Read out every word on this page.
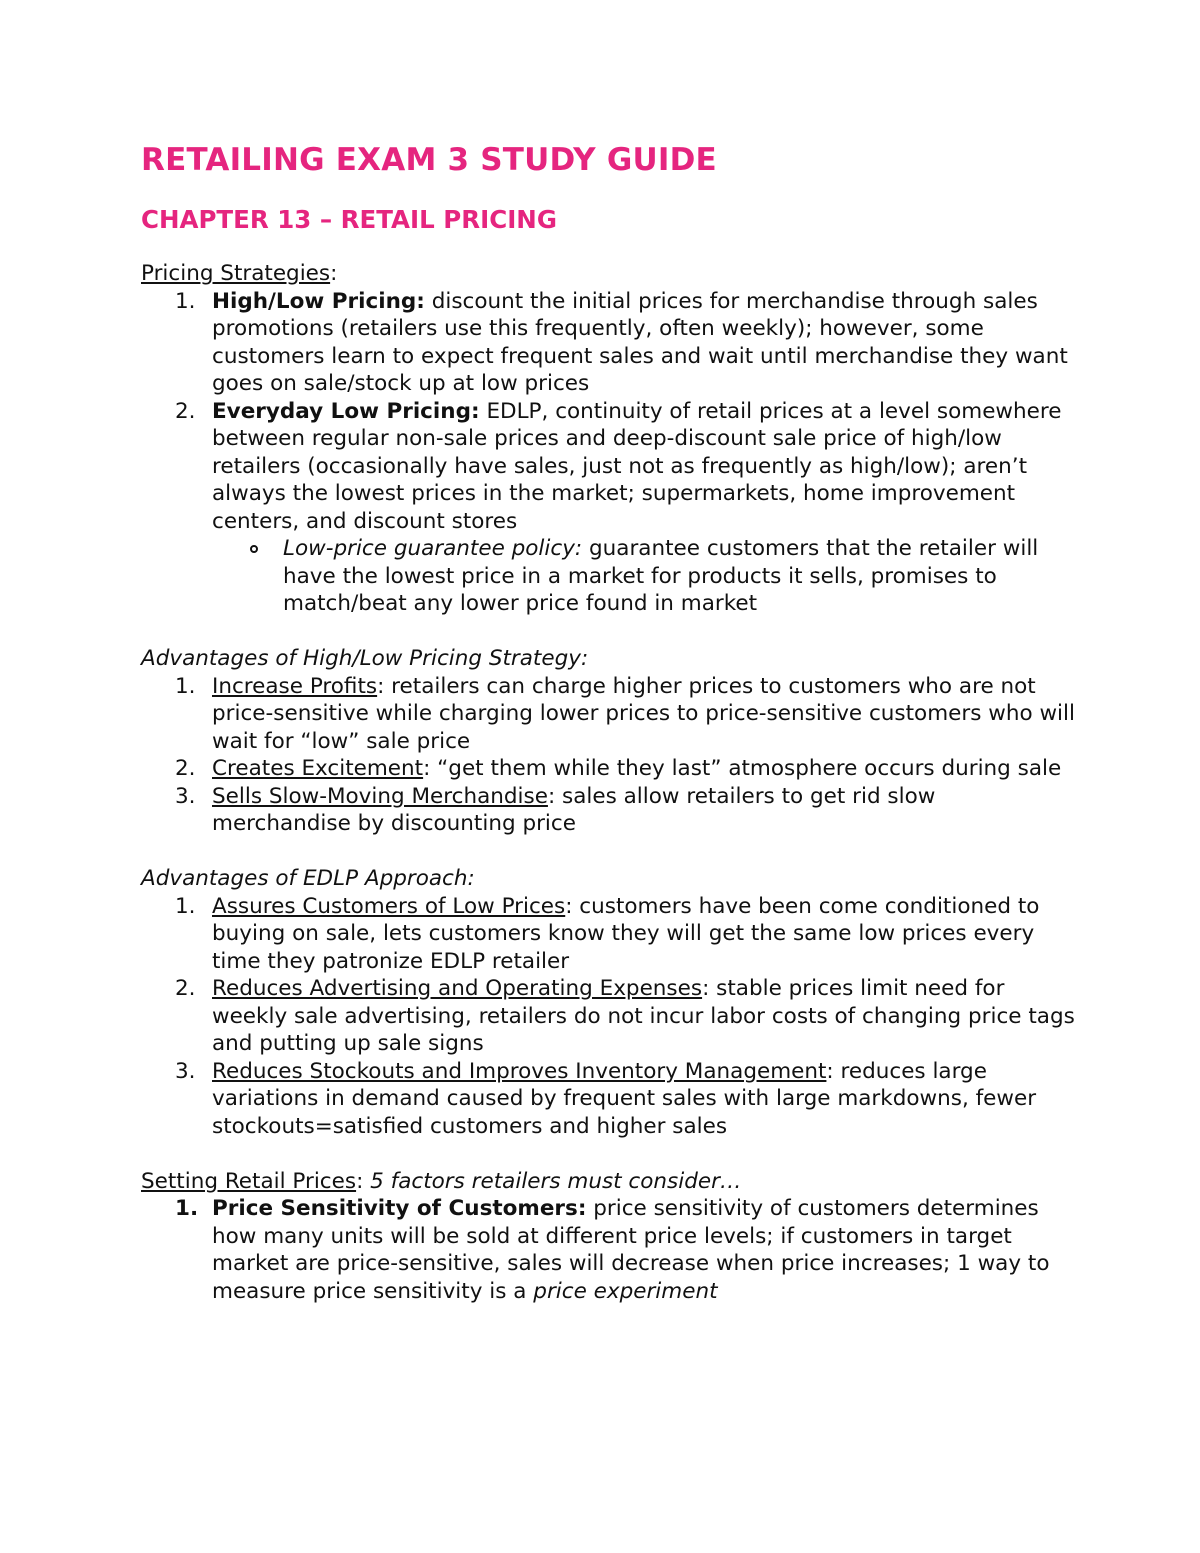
RETAILING EXAM 3 STUDY GUIDE
CHAPTER 13 – RETAIL PRICING
Pricing Strategies:
1. High/Low Pricing: discount the initial prices for merchandise through sales promotions (retailers use this frequently, often weekly); however, some customers learn to expect frequent sales and wait until merchandise they want goes on sale/stock up at low prices
2. Everyday Low Pricing: EDLP, continuity of retail prices at a level somewhere between regular non-sale prices and deep-discount sale price of high/low retailers (occasionally have sales, just not as frequently as high/low); aren’t always the lowest prices in the market; supermarkets, home improvement centers, and discount stores
Low-price guarantee policy: guarantee customers that the retailer will have the lowest price in a market for products it sells, promises to match/beat any lower price found in market
Advantages of High/Low Pricing Strategy:
1. Increase Profits: retailers can charge higher prices to customers who are not price-sensitive while charging lower prices to price-sensitive customers who will wait for “low” sale price
2. Creates Excitement: “get them while they last” atmosphere occurs during sale
3. Sells Slow-Moving Merchandise: sales allow retailers to get rid slow merchandise by discounting price
Advantages of EDLP Approach:
1. Assures Customers of Low Prices: customers have been come conditioned to buying on sale, lets customers know they will get the same low prices every time they patronize EDLP retailer
2. Reduces Advertising and Operating Expenses: stable prices limit need for weekly sale advertising, retailers do not incur labor costs of changing price tags and putting up sale signs
3. Reduces Stockouts and Improves Inventory Management: reduces large variations in demand caused by frequent sales with large markdowns, fewer stockouts=satisfied customers and higher sales
Setting Retail Prices: 5 factors retailers must consider…
1. Price Sensitivity of Customers: price sensitivity of customers determines how many units will be sold at different price levels; if customers in target market are price-sensitive, sales will decrease when price increases; 1 way to measure price sensitivity is a price experiment
